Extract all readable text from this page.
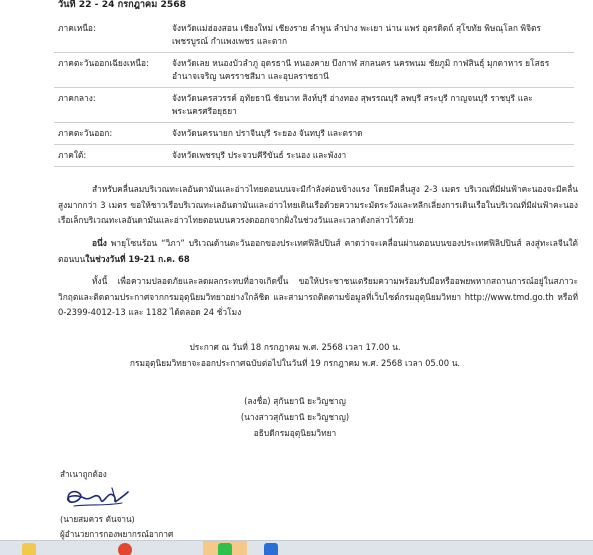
วันที่ 22 - 24 กรกฎาคม 2568
ภาคเหนือ:	จังหวัดแม่ฮ่องสอน เชียงใหม่ เชียงราย ลำพูน ลำปาง พะเยา น่าน แพร่ อุตรดิตถ์ สุโขทัย พิษณุโลก พิจิตร เพชรบูรณ์ กำแพงเพชร และตาก
ภาคตะวันออกเฉียงเหนือ:	จังหวัดเลย หนองบัวลำภู อุดรธานี หนองคาย บึงกาฬ สกลนคร นครพนม ชัยภูมิ กาฬสินธุ์ มุกดาหาร ยโสธร อำนาจเจริญ นครราชสีมา และอุบลราชธานี
ภาคกลาง:	จังหวัดนครสวรรค์ อุทัยธานี ชัยนาท สิงห์บุรี อ่างทอง สุพรรณบุรี ลพบุรี สระบุรี กาญจนบุรี ราชบุรี และพระนครศรีอยุธยา
ภาคตะวันออก:	จังหวัดนครนายก ปราจีนบุรี ระยอง จันทบุรี และตราด
ภาคใต้:	จังหวัดเพชรบุรี ประจวบคีรีขันธ์ ระนอง และพังงา
สำหรับคลื่นลมบริเวณทะเลอันดามันและอ่าวไทยตอนบนจะมีกำลังค่อนข้างแรง โดยมีคลื่นสูง 2-3 เมตร บริเวณที่มีฝนฟ้าคะนองจะมีคลื่นสูงมากกว่า 3 เมตร ขอให้ชาวเรือบริเวณทะเลอันดามันและอ่าวไทยเดินเรือด้วยความระมัดระวังและหลีกเลี่ยงการเดินเรือในบริเวณที่มีฝนฟ้าคะนอง เรือเล็กบริเวณทะเลอันดามันและอ่าวไทยตอนบนควรงดออกจากฝั่งในช่วงวันและเวลาดังกล่าวไว้ด้วย
อนึ่ง พายุโซนร้อน “วิภา” บริเวณด้านตะวันออกของประเทศฟิลิปปินส์ คาดว่าจะเคลื่อนผ่านตอนบนของประเทศฟิลิปปินส์ ลงสู่ทะเลจีนใต้ตอนบนในช่วงวันที่ 19-21 ก.ค. 68
ทั้งนี้ เพื่อความปลอดภัยและลดผลกระทบที่อาจเกิดขึ้น ขอให้ประชาชนเตรียมความพร้อมรับมือหรืออพยพหากสถานการณ์อยู่ในสภาวะวิกฤตและติดตามประกาศจากกรมอุตุนิยมวิทยาอย่างใกล้ชิด และสามารถติดตามข้อมูลที่เว็บไซต์กรมอุตุนิยมวิทยา http://www.tmd.go.th หรือที่ 0-2399-4012-13 และ 1182 ได้ตลอด 24 ชั่วโมง
ประกาศ ณ วันที่ 18 กรกฎาคม พ.ศ. 2568 เวลา 17.00 น.
กรมอุตุนิยมวิทยาจะออกประกาศฉบับต่อไปในวันที่ 19 กรกฎาคม พ.ศ. 2568 เวลา 05.00 น.
(ลงชื่อ) สุกันยานี ยะวิญชาญ
(นางสาวสุกันยานี ยะวิญชาญ)
อธิบดีกรมอุตุนิยมวิทยา
สำเนาถูกต้อง
(นายสมควร ตันจาน)
ผู้อำนวยการกองพยากรณ์อากาศ
